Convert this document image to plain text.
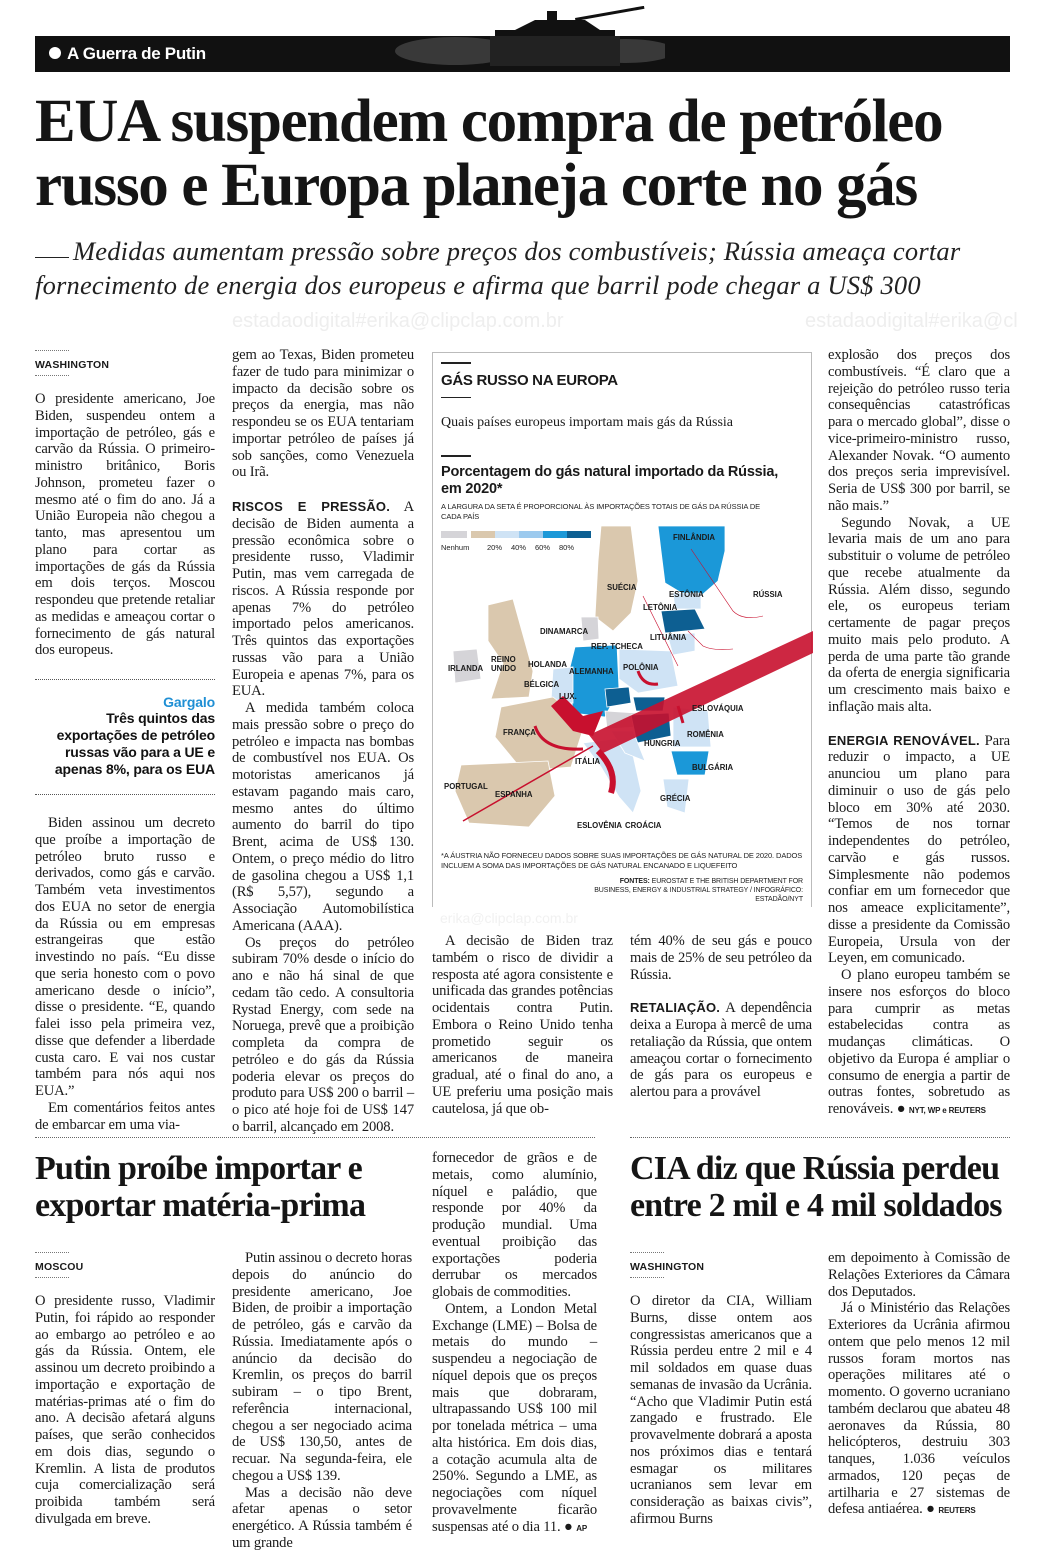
estadaodigital#erika@clipclap.com.br	estadaodigital#erika@cl
A Guerra de Putin
EUA suspendem compra de petróleo russo e Europa planeja corte no gás
Medidas aumentam pressão sobre preços dos combustíveis; Rússia ameaça cortar fornecimento de energia dos europeus e afirma que barril pode chegar a US$ 300
WASHINGTON

O presidente americano, Joe Biden, suspendeu ontem a importação de petróleo, gás e carvão da Rússia. O primeiro-ministro britânico, Boris Johnson, prometeu fazer o mesmo até o fim do ano. Já a União Europeia não chegou a tanto, mas apresentou um plano para cortar as importações de gás da Rússia em dois terços. Moscou respondeu que pretende retaliar as medidas e ameaçou cortar o fornecimento de gás natural dos europeus.

Gargalo
Três quintos das exportações de petróleo russas vão para a UE e apenas 8%, para os EUA

Biden assinou um decreto que proíbe a importação de petróleo bruto russo e derivados, como gás e carvão. Também veta investimentos dos EUA no setor de energia da Rússia ou em empresas estrangeiras que estão investindo no país. “Eu disse que seria honesto com o povo americano desde o início”, disse o presidente. “E, quando falei isso pela primeira vez, disse que defender a liberdade custa caro. E vai nos custar também para nós aqui nos EUA.”

Em comentários feitos antes de embarcar em uma via-

gem ao Texas, Biden prometeu fazer de tudo para minimizar o impacto da decisão sobre os preços da energia, mas não respondeu se os EUA tentariam importar petróleo de países já sob sanções, como Venezuela ou Irã.

RISCOS E PRESSÃO. A decisão de Biden aumenta a pressão econômica sobre o presidente russo, Vladimir Putin, mas vem carregada de riscos. A Rússia responde por apenas 7% do petróleo importado pelos americanos. Três quintos das exportações russas vão para a União Europeia e apenas 7%, para os EUA.

A medida também coloca mais pressão sobre o preço do petróleo e impacta nas bombas de combustível nos EUA. Os motoristas americanos já estavam pagando mais caro, mesmo antes do último aumento do barril do tipo Brent, acima de US$ 130. Ontem, o preço médio do litro de gasolina chegou a US$ 1,1 (R$ 5,57), segundo a Associação Automobilística Americana (AAA).

Os preços do petróleo subiram 70% desde o início do ano e não há sinal de que cedam tão cedo. A consultoria Rystad Energy, com sede na Noruega, prevê que a proibição completa da compra de petróleo e do gás da Rússia poderia elevar os preços do produto para US$ 200 o barril – o pico até hoje foi de US$ 147 o barril, alcançado em 2008.

GÁS RUSSO NA EUROPA
Quais países europeus importam mais gás da Rússia
Porcentagem do gás natural importado da Rússia, em 2020*
A LARGURA DA SETA É PROPORCIONAL ÀS IMPORTAÇÕES TOTAIS DE GÁS DA RÚSSIA DE CADA PAÍS
Nenhum 20% 40% 60% 80%
FINLÂNDIA
RÚSSIA
SUÉCIA
ESTÔNIA
LETÔNIA
LITUÂNIA
DINAMARCA
REP. TCHECA
IRLANDA
REINO UNIDO	HOLANDA
ALEMANHA POLÔNIA
BÉLGICA
LUX.
ESLOVÁQUIA
FRANÇA	ROMÊNIA
HUNGRIA
ITÁLIA
BULGÁRIA
PORTUGAL
ESPANHA	GRÉCIA
ESLOVÊNIA CROÁCIA
*A ÁUSTRIA NÃO FORNECEU DADOS SOBRE SUAS IMPORTAÇÕES DE GÁS NATURAL DE 2020. DADOS INCLUEM A SOMA DAS IMPORTAÇÕES DE GÁS NATURAL ENCANADO E LIQUEFEITO
FONTES: EUROSTAT E THE BRITISH DEPARTMENT FOR BUSINESS, ENERGY & INDUSTRIAL STRATEGY / INFOGRÁFICO: ESTADÃO/NYT
erika@clipclap.com.br

A decisão de Biden traz também o risco de dividir a resposta até agora consistente e unificada das grandes potências ocidentais contra Putin. Embora o Reino Unido tenha prometido seguir os americanos de maneira gradual, até o final do ano, a UE preferiu uma posição mais cautelosa, já que ob-

tém 40% de seu gás e pouco mais de 25% de seu petróleo da Rússia.

RETALIAÇÃO. A dependência deixa a Europa à mercê de uma retaliação da Rússia, que ontem ameaçou cortar o fornecimento de gás para os europeus e alertou para a provável

explosão dos preços dos combustíveis. “É claro que a rejeição do petróleo russo teria consequências catastróficas para o mercado global”, disse o vice-primeiro-ministro russo, Alexander Novak. “O aumento dos preços seria imprevisível. Seria de US$ 300 por barril, se não mais.”

Segundo Novak, a UE levaria mais de um ano para substituir o volume de petróleo que recebe atualmente da Rússia. Além disso, segundo ele, os europeus teriam certamente de pagar preços muito mais pelo produto. A perda de uma parte tão grande da oferta de energia significaria um crescimento mais baixo e inflação mais alta.

ENERGIA RENOVÁVEL. Para reduzir o impacto, a UE anunciou um plano para diminuir o uso de gás pelo bloco em 30% até 2030. “Temos de nos tornar independentes do petróleo, carvão e gás russos. Simplesmente não podemos confiar em um fornecedor que nos ameace explicitamente”, disse a presidente da Comissão Europeia, Ursula von der Leyen, em comunicado.

O plano europeu também se insere nos esforços do bloco para cumprir as metas estabelecidas contra as mudanças climáticas. O objetivo da Europa é ampliar o consumo de energia a partir de outras fontes, sobretudo as renováveis. ● NYT, WP e REUTERS

Putin proíbe importar e exportar matéria-prima
MOSCOU

O presidente russo, Vladimir Putin, foi rápido ao responder ao embargo ao petróleo e ao gás da Rússia. Ontem, ele assinou um decreto proibindo a importação e exportação de matérias-primas até o fim do ano. A decisão afetará alguns países, que serão conhecidos em dois dias, segundo o Kremlin. A lista de produtos cuja comercialização será proibida também será divulgada em breve.

Putin assinou o decreto horas depois do anúncio do presidente americano, Joe Biden, de proibir a importação de petróleo, gás e carvão da Rússia. Imediatamente após o anúncio da decisão do Kremlin, os preços do barril subiram – o tipo Brent, referência internacional, chegou a ser negociado acima de US$ 130,50, antes de recuar. Na segunda-feira, ele chegou a US$ 139.

Mas a decisão não deve afetar apenas o setor energético. A Rússia também é um grande

fornecedor de grãos e de metais, como alumínio, níquel e paládio, que responde por 40% da produção mundial. Uma eventual proibição das exportações poderia derrubar os mercados globais de commodities.

Ontem, a London Metal Exchange (LME) – Bolsa de metais do mundo – suspendeu a negociação de níquel depois que os preços mais que dobraram, ultrapassando US$ 100 mil por tonelada métrica – uma alta histórica. Em dois dias, a cotação acumula alta de 250%. Segundo a LME, as negociações com níquel provavelmente ficarão suspensas até o dia 11. ● AP

CIA diz que Rússia perdeu entre 2 mil e 4 mil soldados
WASHINGTON

O diretor da CIA, William Burns, disse ontem aos congressistas americanos que a Rússia perdeu entre 2 mil e 4 mil soldados em quase duas semanas de invasão da Ucrânia. “Acho que Vladimir Putin está zangado e frustrado. Ele provavelmente dobrará a aposta nos próximos dias e tentará esmagar os militares ucranianos sem levar em consideração as baixas civis”, afirmou Burns

em depoimento à Comissão de Relações Exteriores da Câmara dos Deputados.

Já o Ministério das Relações Exteriores da Ucrânia afirmou ontem que pelo menos 12 mil russos foram mortos nas operações militares até o momento. O governo ucraniano também declarou que abateu 48 aeronaves da Rússia, 80 helicópteros, destruiu 303 tanques, 1.036 veículos armados, 120 peças de artilharia e 27 sistemas de defesa antiaérea. ● REUTERS
